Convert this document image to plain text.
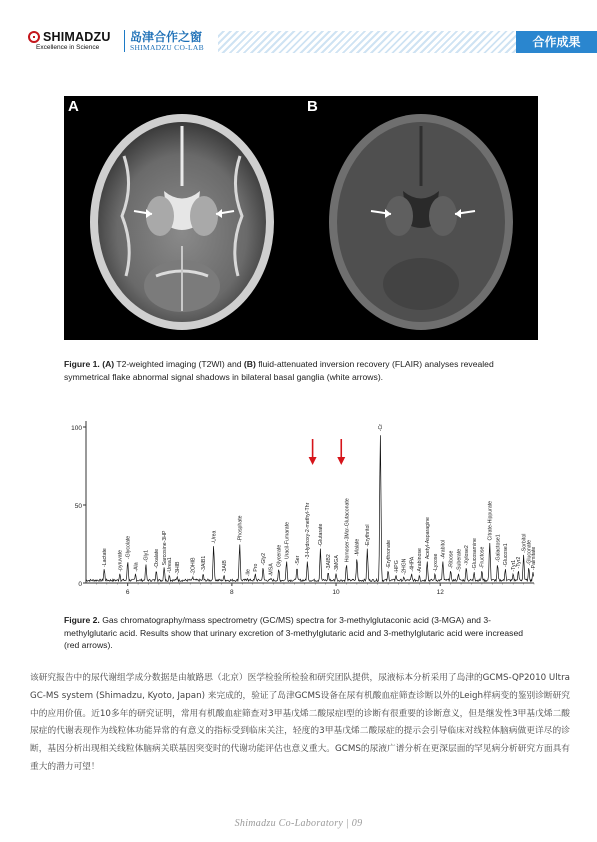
SHIMADZU
Excellence in Science
岛津合作之窗
SHIMADZU CO-LAB	合作成果
A	B
Figure 1. (A) T2-weighted imaging (T2WI) and (B) fluid-attenuated inversion recovery (FLAIR) analyses revealed symmetrical flake abnormal signal shadows in bilateral basal ganglia (white arrows).
100
50
0
6	8	10	12
-Lactate -pyruvate
-Glycolate
-Ala
-Gly1 -Oxalate Sarcosine-3HP -Urea1 -3HIB -2OHIB -3AIB1
-Urea
-3AIB
-Phosphate
-Ile
Pro
-Gly2
-MSA
Glycerate Uracil-Fumarate
-Ser
-3-Hydroxy-2-methyl-Thr -Glutarate
-3AIB2 -3MGA
Homoser-3Mcr-Glutaconate -Malate
-Erythritol
-Cr
-Erythronate -HPG -2HGN -4HPA -Arabinose
Acetyl-Asparagine
-Lyxose
-Arabitol
-Ribose -Suberate -Xylose2 -Glucosamine -Fructose
Citrate-Hippurate
-Galactose1 -Glucose1 -Tyr1 -Tyr2
-Sorbitol -Gluconate
-Palmitate
Figure 2. Gas chromatography/mass spectrometry (GC/MS) spectra for 3-methylglutaconic acid (3-MGA) and 3-methylglutaric acid. Results show that urinary excretion of 3-methylglutaric acid and 3-methylglutaric acid were increased (red arrows).
该研究报告中的尿代谢组学成分数据是由敏路思（北京）医学检验所检验和研究团队提供，尿液标本分析采用了岛津的GCMS-QP2010 Ultra GC-MS system (Shimadzu, Kyoto, Japan) 来完成的，验证了岛津GCMS设备在尿有机酸血症筛查诊断以外的Leigh样病变的鉴别诊断研究中的应用价值。近10多年的研究证明，常用有机酸血症筛查对3甲基戊烯二酸尿症I型的诊断有很重要的诊断意义，但是继发性3甲基戊烯二酸尿症的代谢表现作为线粒体功能异常的有意义的指标受到临床关注，轻度的3甲基戊烯二酸尿症的提示会引导临床对线粒体脑病做更详尽的诊断，基因分析出现相关线粒体脑病关联基因突变时的代谢功能评估也意义重大。GCMS的尿液广谱分析在更深层面的罕见病分析研究方面具有重大的潜力可望！
Shimadzu Co-Laboratory | 09
